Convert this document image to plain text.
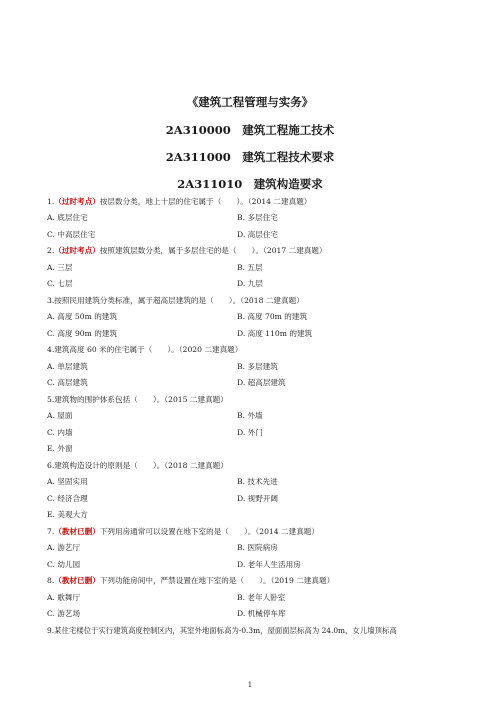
《建筑工程管理与实务》
2A310000　建筑工程施工技术
2A311000　建筑工程技术要求
2A311010　建筑构造要求
1.（过时考点）按层数分类，地上十层的住宅属于（　　）。（2014 二建真题）
A. 底层住宅	B. 多层住宅
C. 中高层住宅	D. 高层住宅
2.（过时考点）按照建筑层数分类，属于多层住宅的是（　　）。（2017 二建真题）
A. 三层	B. 五层
C. 七层	D. 九层
3.按照民用建筑分类标准，属于超高层建筑的是（　　）。（2018 二建真题）
A. 高度 50m 的建筑	B. 高度 70m 的建筑
C. 高度 90m 的建筑	D. 高度 110m 的建筑
4.建筑高度 60 米的住宅属于（　　）。（2020 二建真题）
A. 单层建筑	B. 多层建筑
C. 高层建筑	D. 超高层建筑
5.建筑物的围护体系包括（　　）。（2015 二建真题）
A. 屋面	B. 外墙
C. 内墙	D. 外门
E. 外窗
6.建筑构造设计的原则是（　　）。（2018 二建真题）
A. 坚固实用	B. 技术先进
C. 经济合理	D. 视野开阔
E. 美观大方
7.（教材已删）下列用房通常可以设置在地下室的是（　　）。（2014 二建真题）
A. 游艺厅	B. 医院病房
C. 幼儿园	D. 老年人生活用房
8.（教材已删）下列功能房间中，严禁设置在地下室的是（　　）。（2019 二建真题）
A. 歌舞厅	B. 老年人卧室
C. 游艺场	D. 机械停车库
9.某住宅楼位于实行建筑高度控制区内，其室外地面标高为-0.3m，屋面面层标高为 24.0m，女儿墙顶标高
1
